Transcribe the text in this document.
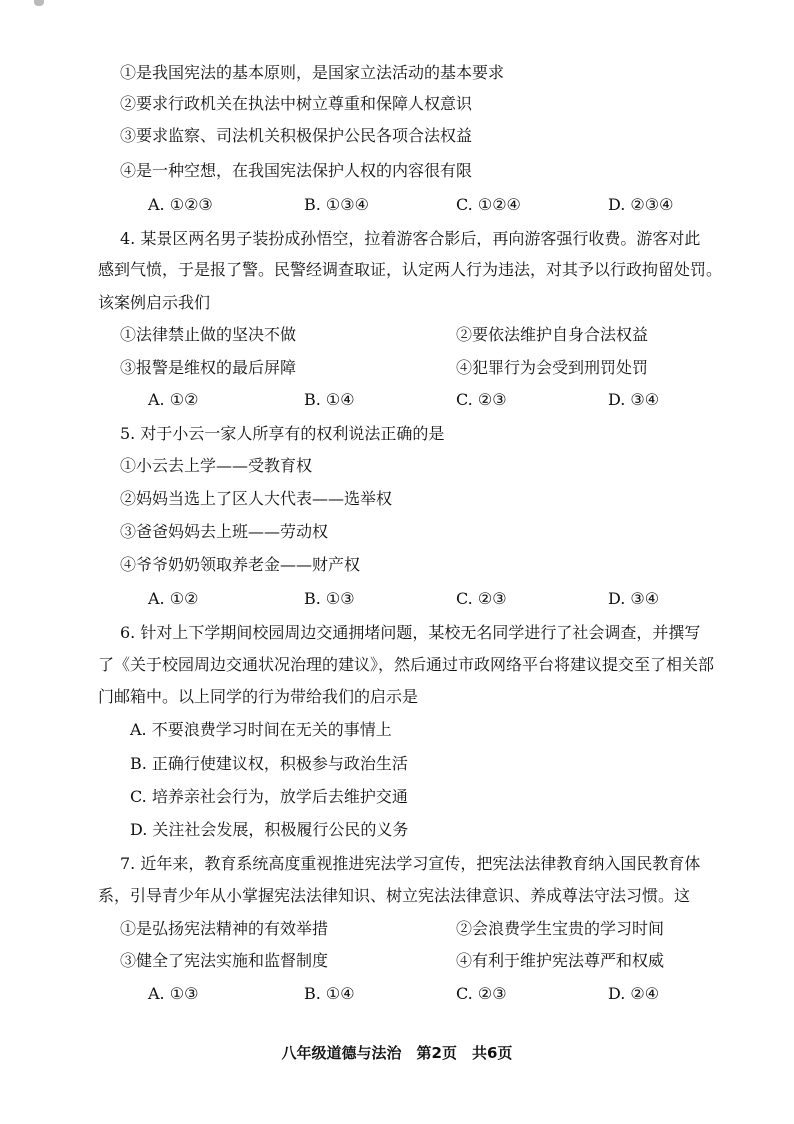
①是我国宪法的基本原则，是国家立法活动的基本要求
②要求行政机关在执法中树立尊重和保障人权意识
③要求监察、司法机关积极保护公民各项合法权益
④是一种空想，在我国宪法保护人权的内容很有限
A. ①②③	B. ①③④	C. ①②④	D. ②③④
4. 某景区两名男子装扮成孙悟空，拉着游客合影后，再向游客强行收费。游客对此
感到气愤，于是报了警。民警经调查取证，认定两人行为违法，对其予以行政拘留处罚。
该案例启示我们
①法律禁止做的坚决不做	②要依法维护自身合法权益
③报警是维权的最后屏障	④犯罪行为会受到刑罚处罚
A. ①②	B. ①④	C. ②③	D. ③④
5. 对于小云一家人所享有的权利说法正确的是
①小云去上学——受教育权
②妈妈当选上了区人大代表——选举权
③爸爸妈妈去上班——劳动权
④爷爷奶奶领取养老金——财产权
A. ①②	B. ①③	C. ②③	D. ③④
6. 针对上下学期间校园周边交通拥堵问题，某校无名同学进行了社会调查，并撰写
了《关于校园周边交通状况治理的建议》，然后通过市政网络平台将建议提交至了相关部
门邮箱中。以上同学的行为带给我们的启示是
A. 不要浪费学习时间在无关的事情上
B. 正确行使建议权，积极参与政治生活
C. 培养亲社会行为，放学后去维护交通
D. 关注社会发展，积极履行公民的义务
7. 近年来，教育系统高度重视推进宪法学习宣传，把宪法法律教育纳入国民教育体
系，引导青少年从小掌握宪法法律知识、树立宪法法律意识、养成尊法守法习惯。这
①是弘扬宪法精神的有效举措	②会浪费学生宝贵的学习时间
③健全了宪法实施和监督制度	④有利于维护宪法尊严和权威
A. ①③	B. ①④	C. ②③	D. ②④
八年级道德与法治　第2页　共6页
